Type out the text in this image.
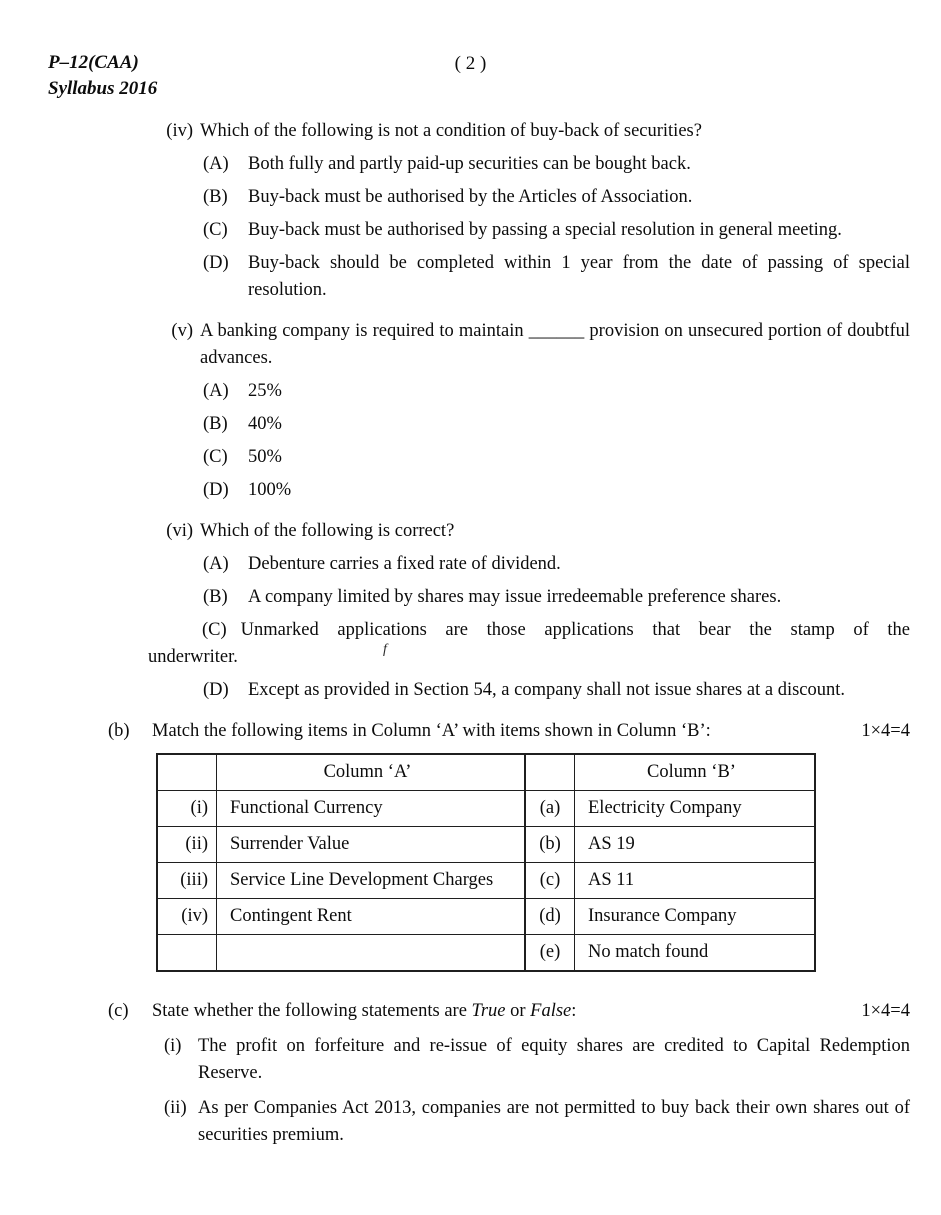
P–12(CAA)
Syllabus 2016
( 2 )
(iv) Which of the following is not a condition of buy-back of securities?
(A)	Both fully and partly paid-up securities can be bought back.
(B)	Buy-back must be authorised by the Articles of Association.
(C)	Buy-back must be authorised by passing a special resolution in general meeting.
(D)	Buy-back should be completed within 1 year from the date of passing of special resolution.
(v) A banking company is required to maintain ______ provision on unsecured portion of doubtful advances.
(A)	25%
(B)	40%
(C)	50%
(D)	100%
(vi) Which of the following is correct?
(A)	Debenture carries a fixed rate of dividend.
(B)	A company limited by shares may issue irredeemable preference shares.

(C) Unmarked applications are those applications that bear the stamp of the underwriter.

(D)	Except as provided in Section 54, a company shall not issue shares at a discount.
(b)	Match the following items in Column ‘A’ with items shown in Column ‘B’:	1×4=4
	Column ‘A’		Column ‘B’
(i)	Functional Currency	(a)	Electricity Company
(ii)	Surrender Value	(b)	AS 19
(iii)	Service Line Development Charges	(c)	AS 11
(iv)	Contingent Rent	(d)	Insurance Company
		(e)	No match found
(c)	State whether the following statements are True or False:	1×4=4
(i) The profit on forfeiture and re-issue of equity shares are credited to Capital Redemption Reserve.
(ii) As per Companies Act 2013, companies are not permitted to buy back their own shares out of securities premium.
f
